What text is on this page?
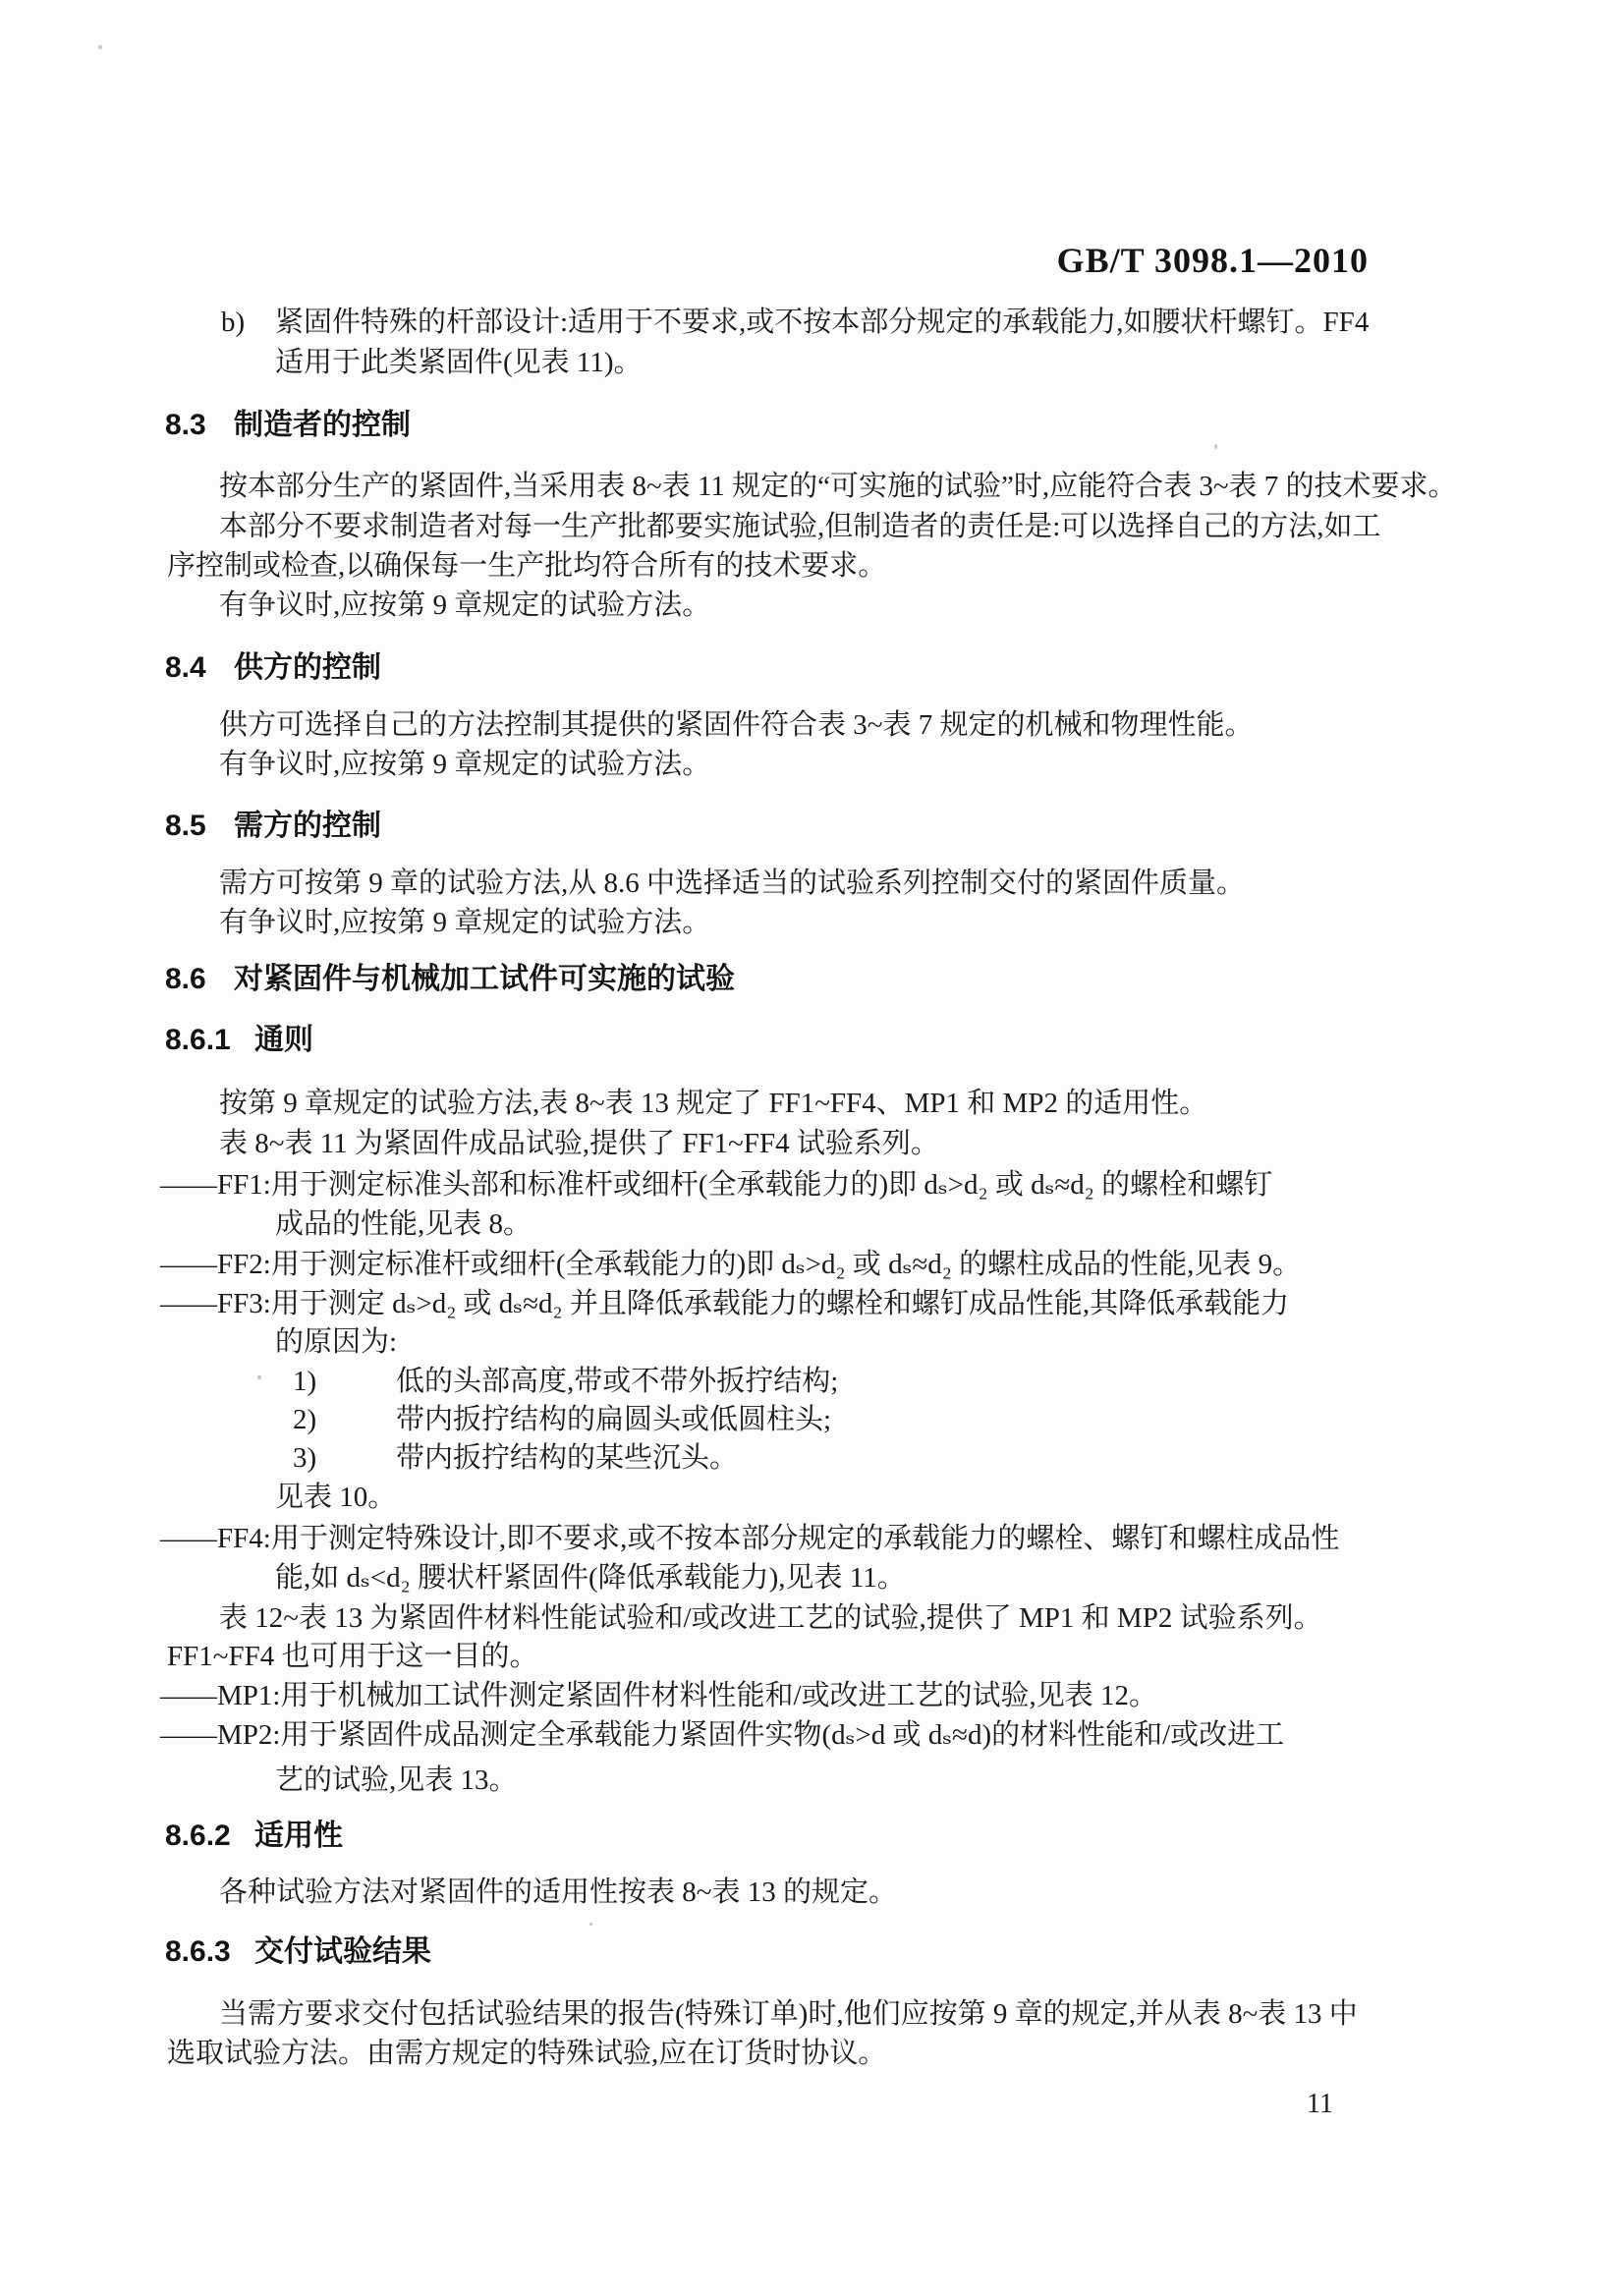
GB/T 3098.1—2010
b) 紧固件特殊的杆部设计:适用于不要求,或不按本部分规定的承载能力,如腰状杆螺钉。FF4
适用于此类紧固件(见表 11)。
8.3 制造者的控制
按本部分生产的紧固件,当采用表 8~表 11 规定的“可实施的试验”时,应能符合表 3~表 7 的技术要求。
本部分不要求制造者对每一生产批都要实施试验,但制造者的责任是:可以选择自己的方法,如工
序控制或检查,以确保每一生产批均符合所有的技术要求。
有争议时,应按第 9 章规定的试验方法。
8.4 供方的控制
供方可选择自己的方法控制其提供的紧固件符合表 3~表 7 规定的机械和物理性能。
有争议时,应按第 9 章规定的试验方法。
8.5 需方的控制
需方可按第 9 章的试验方法,从 8.6 中选择适当的试验系列控制交付的紧固件质量。
有争议时,应按第 9 章规定的试验方法。
8.6 对紧固件与机械加工试件可实施的试验
8.6.1 通则
按第 9 章规定的试验方法,表 8~表 13 规定了 FF1~FF4、MP1 和 MP2 的适用性。
表 8~表 11 为紧固件成品试验,提供了 FF1~FF4 试验系列。
——FF1:用于测定标准头部和标准杆或细杆(全承载能力的)即 dₛ>d₂ 或 dₛ≈d₂ 的螺栓和螺钉
成品的性能,见表 8。
——FF2:用于测定标准杆或细杆(全承载能力的)即 dₛ>d₂ 或 dₛ≈d₂ 的螺柱成品的性能,见表 9。
——FF3:用于测定 dₛ>d₂ 或 dₛ≈d₂ 并且降低承载能力的螺栓和螺钉成品性能,其降低承载能力
的原因为:
1)	低的头部高度,带或不带外扳拧结构;
2)	带内扳拧结构的扁圆头或低圆柱头;
3)	带内扳拧结构的某些沉头。
见表 10。
——FF4:用于测定特殊设计,即不要求,或不按本部分规定的承载能力的螺栓、螺钉和螺柱成品性
能,如 dₛ<d₂ 腰状杆紧固件(降低承载能力),见表 11。
表 12~表 13 为紧固件材料性能试验和/或改进工艺的试验,提供了 MP1 和 MP2 试验系列。
FF1~FF4 也可用于这一目的。
——MP1:用于机械加工试件测定紧固件材料性能和/或改进工艺的试验,见表 12。
——MP2:用于紧固件成品测定全承载能力紧固件实物(dₛ>d 或 dₛ≈d)的材料性能和/或改进工
艺的试验,见表 13。
8.6.2 适用性
各种试验方法对紧固件的适用性按表 8~表 13 的规定。
8.6.3 交付试验结果
当需方要求交付包括试验结果的报告(特殊订单)时,他们应按第 9 章的规定,并从表 8~表 13 中
选取试验方法。由需方规定的特殊试验,应在订货时协议。
11
